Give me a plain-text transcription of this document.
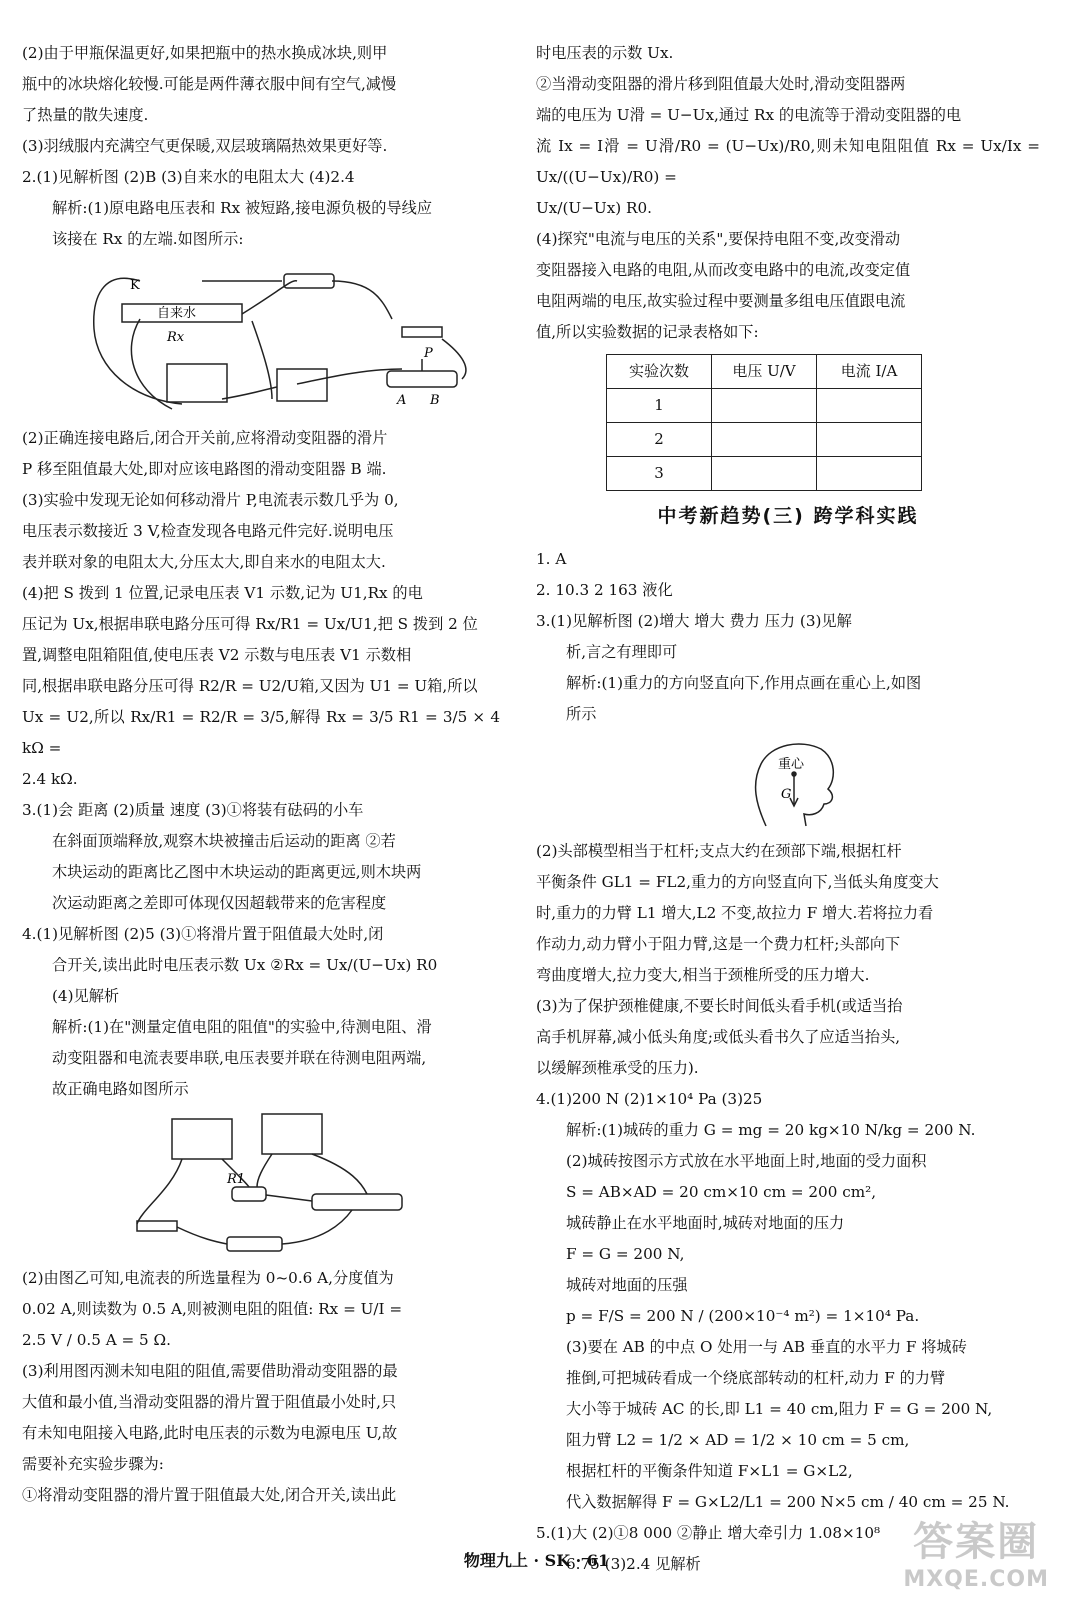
(2)由于甲瓶保温更好,如果把瓶中的热水换成冰块,则甲

瓶中的冰块熔化较慢.可能是两件薄衣服中间有空气,减慢

了热量的散失速度.

(3)羽绒服内充满空气更保暖,双层玻璃隔热效果更好等.

2.(1)见解析图 (2)B (3)自来水的电阻太大 (4)2.4

解析:(1)原电路电压表和 Rx 被短路,接电源负极的导线应

该接在 Rx 的左端.如图所示:

K
自来水
Rx
P
A B

(2)正确连接电路后,闭合开关前,应将滑动变阻器的滑片

P 移至阻值最大处,即对应该电路图的滑动变阻器 B 端.

(3)实验中发现无论如何移动滑片 P,电流表示数几乎为 0,

电压表示数接近 3 V,检查发现各电路元件完好.说明电压

表并联对象的电阻太大,分压太大,即自来水的电阻太大.

(4)把 S 拨到 1 位置,记录电压表 V1 示数,记为 U1,Rx 的电

压记为 Ux,根据串联电路分压可得 Rx/R1 = Ux/U1,把 S 拨到 2 位

置,调整电阻箱阻值,使电压表 V2 示数与电压表 V1 示数相

同,根据串联电路分压可得 R2/R = U2/U箱,又因为 U1 = U箱,所以

Ux = U2,所以 Rx/R1 = R2/R = 3/5,解得 Rx = 3/5 R1 = 3/5 × 4 kΩ =

2.4 kΩ.

3.(1)会 距离 (2)质量 速度 (3)①将装有砝码的小车

在斜面顶端释放,观察木块被撞击后运动的距离 ②若

木块运动的距离比乙图中木块运动的距离更远,则木块两

次运动距离之差即可体现仅因超载带来的危害程度

4.(1)见解析图 (2)5 (3)①将滑片置于阻值最大处时,闭

合开关,读出此时电压表示数 Ux ②Rx = Ux/(U−Ux) R0

(4)见解析

解析:(1)在"测量定值电阻的阻值"的实验中,待测电阻、滑

动变阻器和电流表要串联,电压表要并联在待测电阻两端,

故正确电路如图所示

R1

(2)由图乙可知,电流表的所选量程为 0~0.6 A,分度值为

0.02 A,则读数为 0.5 A,则被测电阻的阻值: Rx = U/I =

2.5 V / 0.5 A = 5 Ω.

(3)利用图丙测未知电阻的阻值,需要借助滑动变阻器的最

大值和最小值,当滑动变阻器的滑片置于阻值最小处时,只

有未知电阻接入电路,此时电压表的示数为电源电压 U,故

需要补充实验步骤为:

①将滑动变阻器的滑片置于阻值最大处,闭合开关,读出此

时电压表的示数 Ux.

②当滑动变阻器的滑片移到阻值最大处时,滑动变阻器两

端的电压为 U滑 = U−Ux,通过 Rx 的电流等于滑动变阻器的电

流 Ix = I滑 = U滑/R0 = (U−Ux)/R0,则未知电阻阻值 Rx = Ux/Ix = Ux/((U−Ux)/R0) =

Ux/(U−Ux) R0.

(4)探究"电流与电压的关系",要保持电阻不变,改变滑动

变阻器接入电路的电阻,从而改变电路中的电流,改变定值

电阻两端的电压,故实验过程中要测量多组电压值跟电流

值,所以实验数据的记录表格如下:

实验次数	电压 U/V	电流 I/A
1		
2		
3		
中考新趋势(三) 跨学科实践

1. A

2. 10.3 2 163 液化

3.(1)见解析图 (2)增大 增大 费力 压力 (3)见解

析,言之有理即可

解析:(1)重力的方向竖直向下,作用点画在重心上,如图

所示

重心
G

(2)头部模型相当于杠杆;支点大约在颈部下端,根据杠杆

平衡条件 GL1 = FL2,重力的方向竖直向下,当低头角度变大

时,重力的力臂 L1 增大,L2 不变,故拉力 F 增大.若将拉力看

作动力,动力臂小于阻力臂,这是一个费力杠杆;头部向下

弯曲度增大,拉力变大,相当于颈椎所受的压力增大.

(3)为了保护颈椎健康,不要长时间低头看手机(或适当抬

高手机屏幕,减小低头角度;或低头看书久了应适当抬头,

以缓解颈椎承受的压力).

4.(1)200 N (2)1×10⁴ Pa (3)25

解析:(1)城砖的重力 G = mg = 20 kg×10 N/kg = 200 N.

(2)城砖按图示方式放在水平地面上时,地面的受力面积

S = AB×AD = 20 cm×10 cm = 200 cm²,

城砖静止在水平地面时,城砖对地面的压力

F = G = 200 N,

城砖对地面的压强

p = F/S = 200 N / (200×10⁻⁴ m²) = 1×10⁴ Pa.

(3)要在 AB 的中点 O 处用一与 AB 垂直的水平力 F 将城砖

推倒,可把城砖看成一个绕底部转动的杠杆,动力 F 的力臂

大小等于城砖 AC 的长,即 L1 = 40 cm,阻力 F = G = 200 N,

阻力臂 L2 = 1/2 × AD = 1/2 × 10 cm = 5 cm,

根据杠杆的平衡条件知道 F×L1 = G×L2,

代入数据解得 F = G×L2/L1 = 200 N×5 cm / 40 cm = 25 N.

5.(1)大 (2)①8 000 ②静止 增大牵引力 1.08×10⁸

6.75 (3)2.4 见解析

物理九上 · SK · 61	答案圈
MXQE.COM
